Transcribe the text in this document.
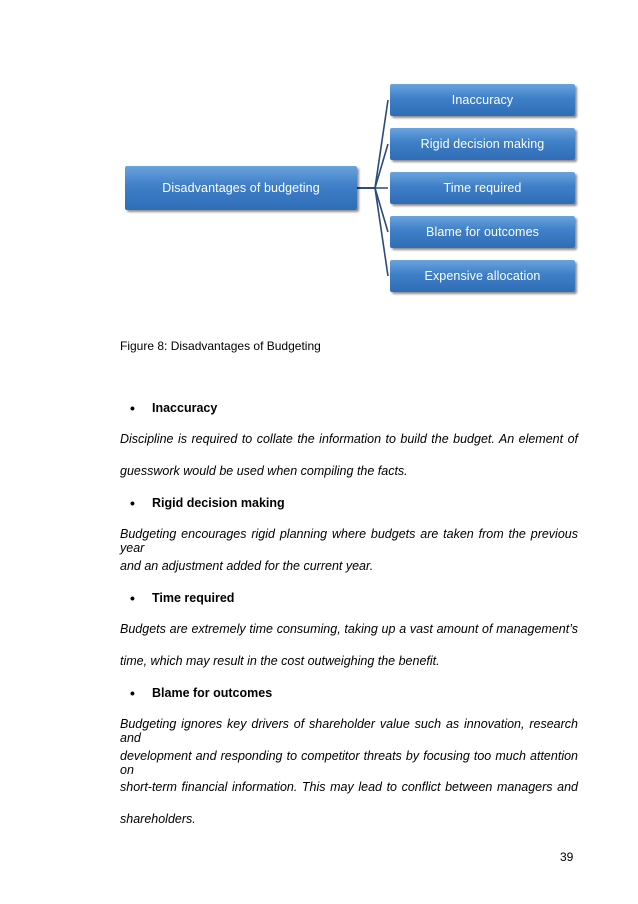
Disadvantages of budgeting
Inaccuracy
Rigid decision making
Time required
Blame for outcomes
Expensive allocation
Figure 8: Disadvantages of Budgeting
• Inaccuracy
Discipline is required to collate the information to build the budget. An element of
guesswork would be used when compiling the facts.
• Rigid decision making
Budgeting encourages rigid planning where budgets are taken from the previous year
and an adjustment added for the current year.
• Time required
Budgets are extremely time consuming, taking up a vast amount of management’s
time, which may result in the cost outweighing the benefit.
• Blame for outcomes
Budgeting ignores key drivers of shareholder value such as innovation, research and
development and responding to competitor threats by focusing too much attention on
short-term financial information. This may lead to conflict between managers and
shareholders.
39
